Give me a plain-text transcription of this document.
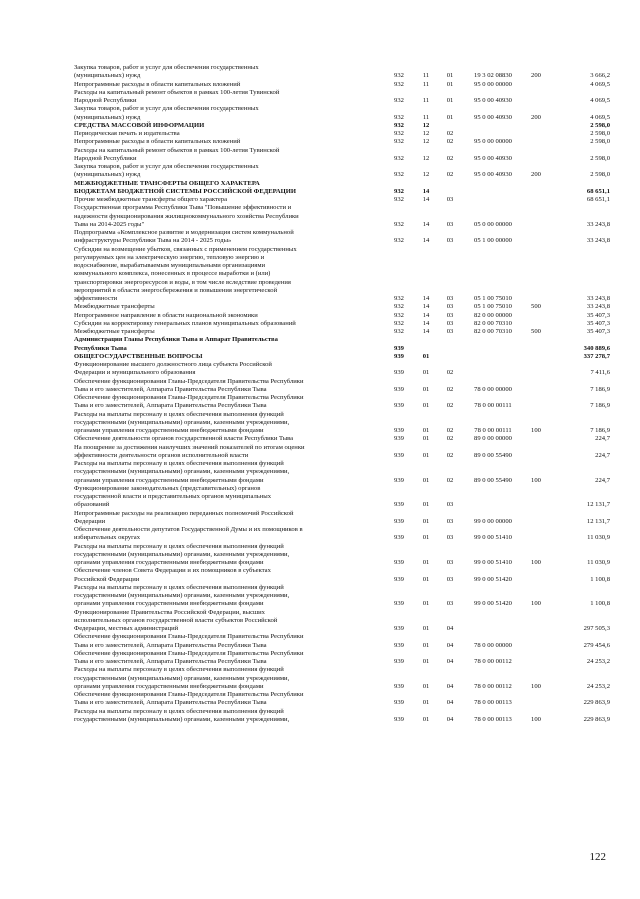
Закупка товаров, работ и услуг для обеспечения государственных
(муниципальных) нужд	932	11	01	19 3 02 08830	200	3 666,2
Непрограммные расходы в области капитальных вложений	932	11	01	95 0 00 00000	4 069,5
Расходы на капитальный ремонт объектов в рамках 100-летия Тувинской
Народной Республики	932	11	01	95 0 00 40930	4 069,5
Закупка товаров, работ и услуг для обеспечения государственных
(муниципальных) нужд	932	11	01	95 0 00 40930	200	4 069,5
СРЕДСТВА МАССОВОЙ ИНФОРМАЦИИ	932	12	2 598,0
Периодическая печать и издательства	932	12	02	2 598,0
Непрограммные расходы в области капитальных вложений	932	12	02	95 0 00 00000	2 598,0
Расходы на капитальный ремонт объектов в рамках 100-летия Тувинской
Народной Республики	932	12	02	95 0 00 40930	2 598,0
Закупка товаров, работ и услуг для обеспечения государственных
(муниципальных) нужд	932	12	02	95 0 00 40930	200	2 598,0
МЕЖБЮДЖЕТНЫЕ ТРАНСФЕРТЫ ОБЩЕГО ХАРАКТЕРА
БЮДЖЕТАМ БЮДЖЕТНОЙ СИСТЕМЫ РОССИЙСКОЙ ФЕДЕРАЦИИ	932	14	68 651,1
Прочие межбюджетные трансферты общего характера	932	14	03	68 651,1
Государственная программа Республики Тыва "Повышение эффективности и
надежности функционирования жилищнокоммунального хозяйства Республики
Тыва на 2014-2025 годы"	932	14	03	05 0 00 00000	33 243,8
Подпрограмма «Комплексное развитие и модернизация систем коммунальной
инфраструктуры Республики Тыва на 2014 - 2025 годы»	932	14	03	05 1 00 00000	33 243,8
Субсидии на возмещение убытков, связанных с применением государственных
регулируемых цен на электрическую энергию, тепловую энергию и
водоснабжение, вырабатываемым муниципальными организациями
коммунального комплекса, понесенных в процессе выработки и (или)
транспортировки энергоресурсов и воды, в том числе вследствие проведения
мероприятий в области энергосбережения и повышения энергетической
эффективности	932	14	03	05 1 00 75010	33 243,8
Межбюджетные трансферты	932	14	03	05 1 00 75010	500	33 243,8
Непрограммное направление в области национальной экономики	932	14	03	82 0 00 00000	35 407,3
Субсидии на корректировку генеральных планов муниципальных образований	932	14	03	82 0 00 70310	35 407,3
Межбюджетные трансферты	932	14	03	82 0 00 70310	500	35 407,3
Администрация Главы Республики Тыва и Аппарат Правительства
Республики Тыва	939	340 889,6
ОБЩЕГОСУДАРСТВЕННЫЕ ВОПРОСЫ	939	01	337 278,7
Функционирование высшего должностного лица субъекта Российской
Федерации и муниципального образования	939	01	02	7 411,6
Обеспечение функционирования Главы-Председателя Правительства Республики
Тыва и его заместителей, Аппарата Правительства Республики Тыва	939	01	02	78 0 00 00000	7 186,9
Обеспечение функционирования Главы-Председателя Правительства Республики
Тыва и его заместителей, Аппарата Правительства Республики Тыва	939	01	02	78 0 00 00111	7 186,9
Расходы на выплаты персоналу в целях обеспечения выполнения функций
государственными (муниципальными) органами, казенными учреждениями,
органами управления государственными внебюджетными фондами	939	01	02	78 0 00 00111	100	7 186,9
Обеспечение деятельности органов государственной власти Республики Тыва	939	01	02	89 0 00 00000	224,7
На поощрение за достижения наилучших значений показателей по итогам оценки
эффективности деятельности органов исполнительной власти	939	01	02	89 0 00 55490	224,7
Расходы на выплаты персоналу в целях обеспечения выполнения функций
государственными (муниципальными) органами, казенными учреждениями,
органами управления государственными внебюджетными фондами	939	01	02	89 0 00 55490	100	224,7
Функционирование законодательных (представительных) органов
государственной власти и представительных органов муниципальных
образований	939	01	03	12 131,7
Непрограммные расходы на реализацию переданных полномочий Российской
Федерации	939	01	03	99 0 00 00000	12 131,7
Обеспечение деятельности депутатов Государственной Думы и их помощников в
избирательных округах	939	01	03	99 0 00 51410	11 030,9
Расходы на выплаты персоналу в целях обеспечения выполнения функций
государственными (муниципальными) органами, казенными учреждениями,
органами управления государственными внебюджетными фондами	939	01	03	99 0 00 51410	100	11 030,9
Обеспечение членов Совета Федерации и их помощников в субъектах
Российской Федерации	939	01	03	99 0 00 51420	1 100,8
Расходы на выплаты персоналу в целях обеспечения выполнения функций
государственными (муниципальными) органами, казенными учреждениями,
органами управления государственными внебюджетными фондами	939	01	03	99 0 00 51420	100	1 100,8
Функционирование Правительства Российской Федерации, высших
исполнительных органов государственной власти субъектов Российской
Федерации, местных администраций	939	01	04	297 505,3
Обеспечение функционирования Главы-Председателя Правительства Республики
Тыва и его заместителей, Аппарата Правительства Республики Тыва	939	01	04	78 0 00 00000	279 454,6
Обеспечение функционирования Главы-Председателя Правительства Республики
Тыва и его заместителей, Аппарата Правительства Республики Тыва	939	01	04	78 0 00 00112	24 253,2
Расходы на выплаты персоналу в целях обеспечения выполнения функций
государственными (муниципальными) органами, казенными учреждениями,
органами управления государственными внебюджетными фондами	939	01	04	78 0 00 00112	100	24 253,2
Обеспечение функционирования Главы-Председателя Правительства Республики
Тыва и его заместителей, Аппарата Правительства Республики Тыва	939	01	04	78 0 00 00113	229 863,9
Расходы на выплаты персоналу в целях обеспечения выполнения функций
государственными (муниципальными) органами, казенными учреждениями,	939	01	04	78 0 00 00113	100	229 863,9
122
